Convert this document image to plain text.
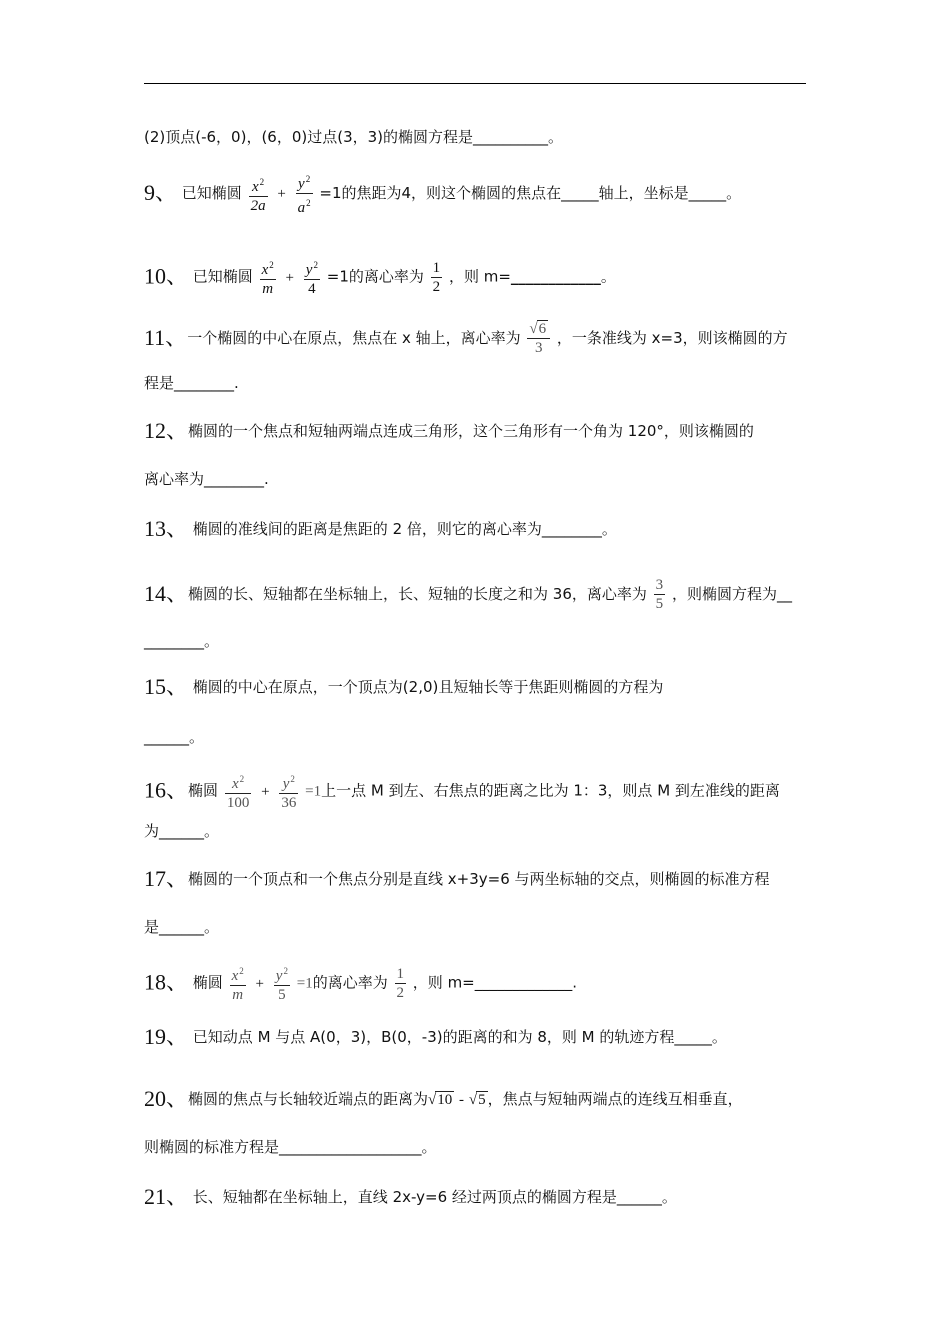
(2)顶点(-6，0)，(6，0)过点(3，3)的椭圆方程是__________。
9、 已知椭圆 $\frac{x^2}{2a} + \frac{y^2}{a^2} =1$的焦距为4，则这个椭圆的焦点在_____轴上，坐标是_____。
10、 已知椭圆 $\frac{x^2}{m} + \frac{y^2}{4} =1$的离心率为 $\frac{1}{2}$ ，则 m=____________。
11、一个椭圆的中心在原点，焦点在 x 轴上，离心率为 $\frac{√6}{3}$ ，一条准线为 x=3，则该椭圆的方
程是________.
12、椭圆的一个焦点和短轴两端点连成三角形，这个三角形有一个角为 120°，则该椭圆的
离心率为________.
13、 椭圆的准线间的距离是焦距的 2 倍，则它的离心率为________。
14、椭圆的长、短轴都在坐标轴上，长、短轴的长度之和为 36，离心率为 $\frac{3}{5}$ ，则椭圆方程为__
________。
15、 椭圆的中心在原点，一个顶点为(2,0)且短轴长等于焦距则椭圆的方程为
______。
16、椭圆 $\frac{x^2}{100} + \frac{y^2}{36} =1$上一点 M 到左、右焦点的距离之比为 1：3，则点 M 到左准线的距离
为______。
17、椭圆的一个顶点和一个焦点分别是直线 x+3y=6 与两坐标轴的交点，则椭圆的标准方程
是______。
18、 椭圆 $\frac{x^2}{m} + \frac{y^2}{5} =1$的离心率为 $\frac{1}{2}$ ，则 m=_____________.
19、 已知动点 M 与点 A(0，3)，B(0，-3)的距离的和为 8，则 M 的轨迹方程_____。
20、椭圆的焦点与长轴较近端点的距离为√10 - √5 ，焦点与短轴两端点的连线互相垂直，
则椭圆的标准方程是___________________。
21、 长、短轴都在坐标轴上，直线 2x-y=6 经过两顶点的椭圆方程是______。
